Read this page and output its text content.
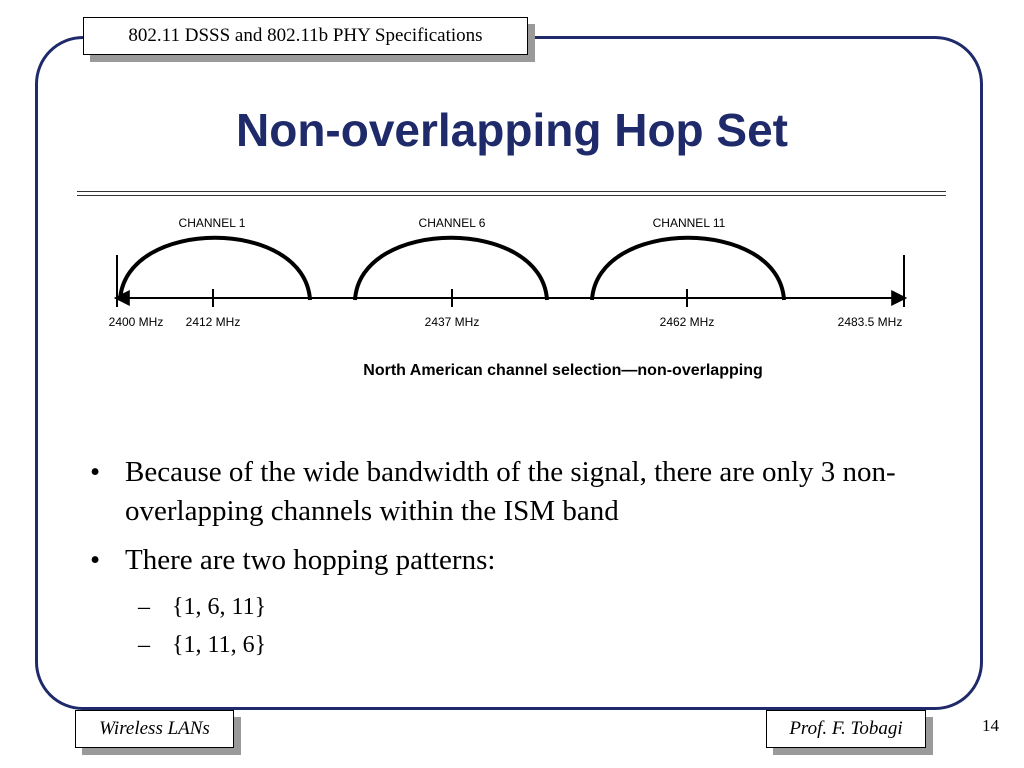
802.11 DSSS and 802.11b PHY Specifications
Non-overlapping Hop Set
CHANNEL 1	CHANNEL 6	CHANNEL 11
2400 MHz 2412 MHz	2437 MHz	2462 MHz	2483.5 MHz
North American channel selection—non-overlapping
• Because of the wide bandwidth of the signal, there are only 3 non-overlapping channels within the ISM band
• There are two hopping patterns:
– {1, 6, 11}
– {1, 11, 6}
Wireless LANs	Prof. F. Tobagi	14
